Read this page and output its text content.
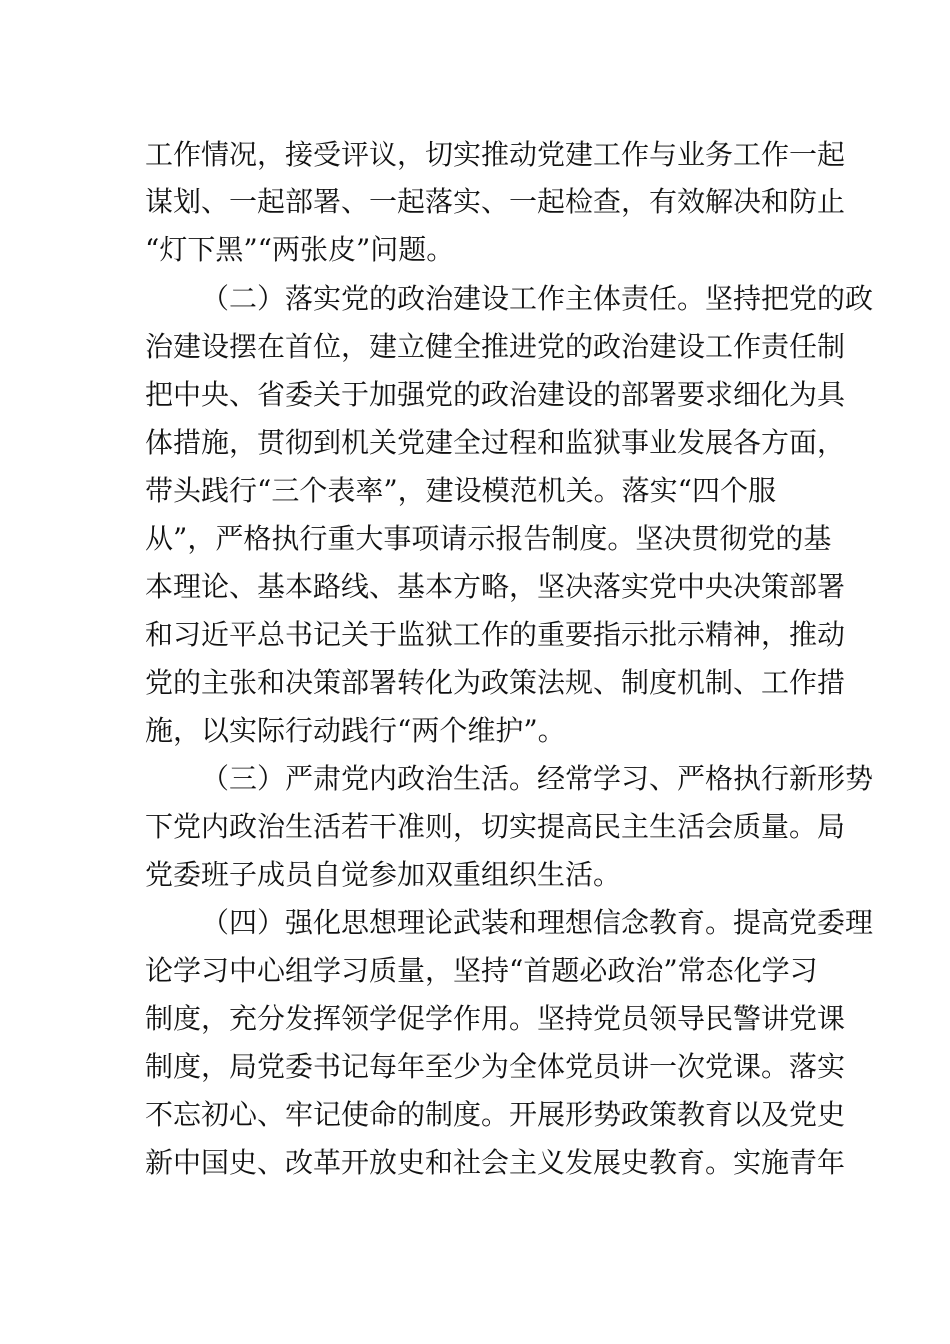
工作情况，接受评议，切实推动党建工作与业务工作一起
谋划、一起部署、一起落实、一起检查，有效解决和防止
“灯下黑”“两张皮”问题。
（二）落实党的政治建设工作主体责任。坚持把党的政
治建设摆在首位，建立健全推进党的政治建设工作责任制
把中央、省委关于加强党的政治建设的部署要求细化为具
体措施，贯彻到机关党建全过程和监狱事业发展各方面，
带头践行“三个表率”，建设模范机关。落实“四个服
从”，严格执行重大事项请示报告制度。坚决贯彻党的基
本理论、基本路线、基本方略，坚决落实党中央决策部署
和习近平总书记关于监狱工作的重要指示批示精神，推动
党的主张和决策部署转化为政策法规、制度机制、工作措
施，以实际行动践行“两个维护”。
（三）严肃党内政治生活。经常学习、严格执行新形势
下党内政治生活若干准则，切实提高民主生活会质量。局
党委班子成员自觉参加双重组织生活。
（四）强化思想理论武装和理想信念教育。提高党委理
论学习中心组学习质量，坚持“首题必政治”常态化学习
制度，充分发挥领学促学作用。坚持党员领导民警讲党课
制度，局党委书记每年至少为全体党员讲一次党课。落实
不忘初心、牢记使命的制度。开展形势政策教育以及党史
新中国史、改革开放史和社会主义发展史教育。实施青年
